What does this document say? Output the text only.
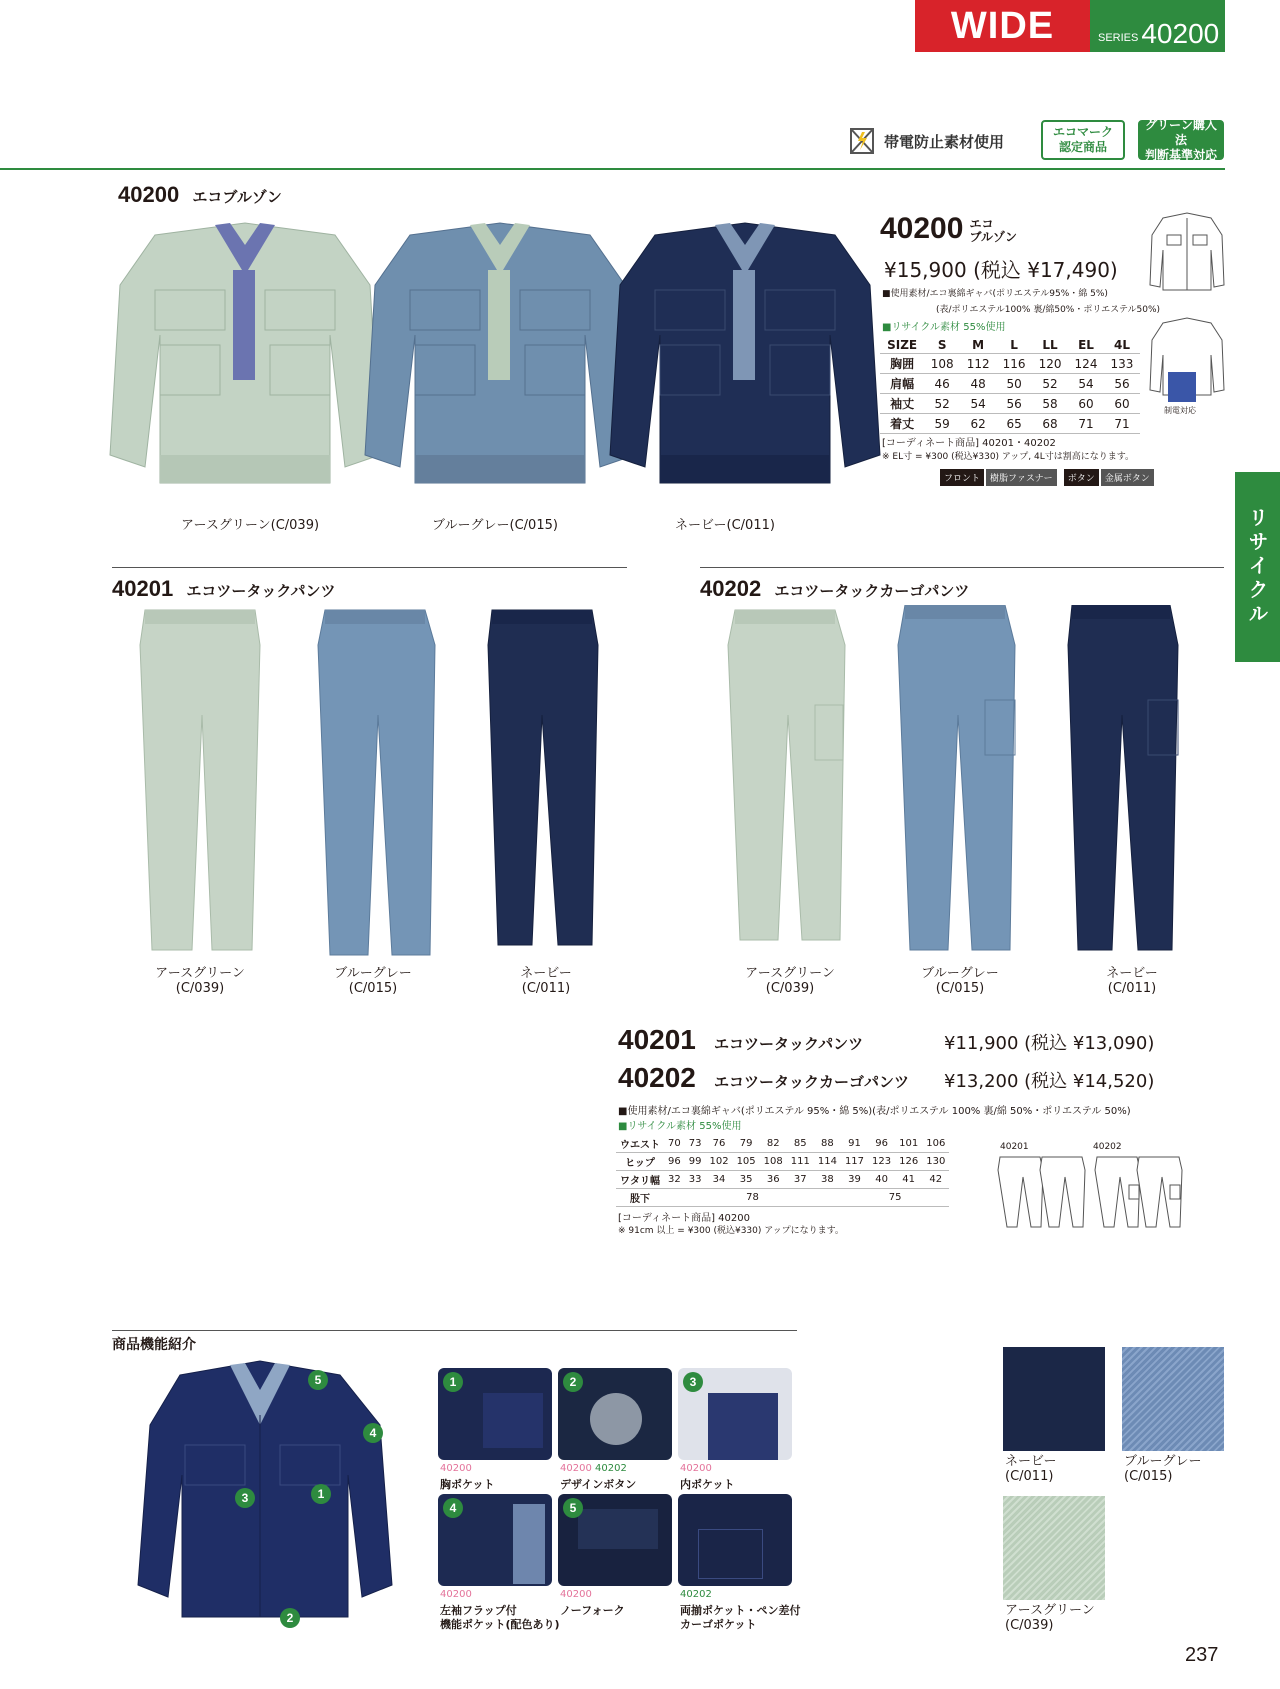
WIDE	SERIES 40200
帯電防止素材使用
エコマーク
認定商品
グリーン購入法
判断基準対応
リサイクル
40200 エコブルゾン
アースグリーン(C/039)	ブルーグレー(C/015)	ネービー(C/011)
40200 エコ
ブルゾン
¥15,900 (税込 ¥17,490)
■使用素材/エコ裏綿ギャバ(ポリエステル95%・綿 5%)
(表/ポリエステル100% 裏/綿50%・ポリエステル50%)
■リサイクル素材 55%使用
SIZE	S	M	L	LL	EL	4L
胸囲	108	112	116	120	124	133
肩幅	46	48	50	52	54	56
袖丈	52	54	56	58	60	60
着丈	59	62	65	68	71	71
[コーディネート商品] 40201・40202
※ EL寸 = ¥300 (税込¥330) アップ, 4L寸は割高になります。
フロント 樹脂ファスナー ボタン 金属ボタン
制電対応
40201 エコツータックパンツ	40202 エコツータックカーゴパンツ
アースグリーン
(C/039)
ブルーグレー
(C/015)
ネービー
(C/011)
アースグリーン
(C/039)
ブルーグレー
(C/015)
ネービー
(C/011)
40201	エコツータックパンツ	¥11,900 (税込 ¥13,090)
40202	エコツータックカーゴパンツ	¥13,200 (税込 ¥14,520)
■使用素材/エコ裏綿ギャバ(ポリエステル 95%・綿 5%)(表/ポリエステル 100% 裏/綿 50%・ポリエステル 50%)
■リサイクル素材 55%使用
ウエスト	70	73	76	79	82	85	88	91	96	101	106
ヒップ	96	99	102	105	108	111	114	117	123	126	130
ワタリ幅	32	33	34	35	36	37	38	39	40	41	42
股下	78							75			
[コーディネート商品] 40200
※ 91cm 以上 = ¥300 (税込¥330) アップになります。
40201	40202
商品機能紹介
5
4
3	1
2
1
40200
胸ポケット
2
40200 40202
デザインボタン
3
40200
内ポケット
4
40200
左袖フラップ付
機能ポケット(配色あり)
5
40200
ノーフォーク
40202
両揃ポケット・ペン差付
カーゴポケット
ネービー
(C/011)
ブルーグレー
(C/015)
アースグリーン
(C/039)
237
